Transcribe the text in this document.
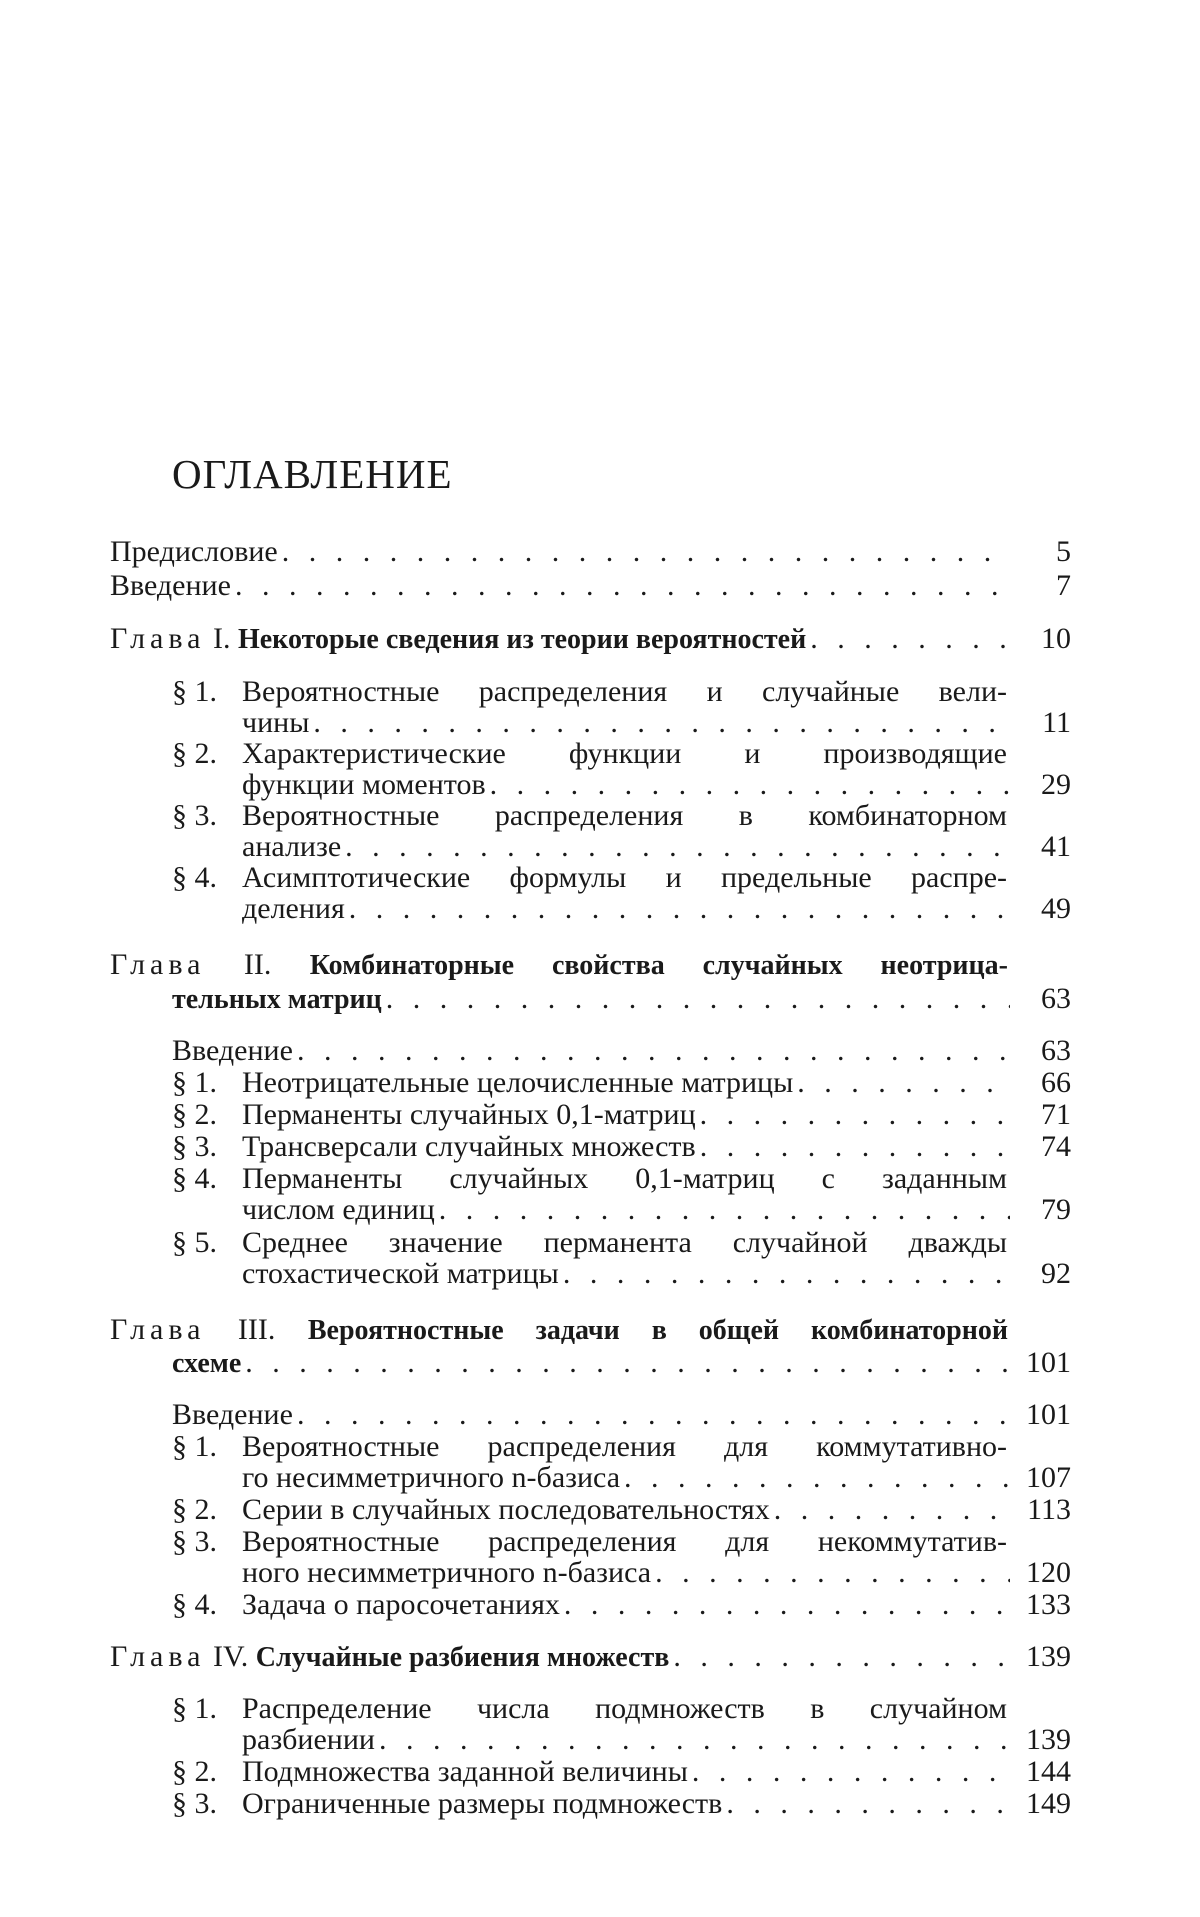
ОГЛАВЛЕНИЕ
Предисловие . . .	5
Введение . . .	7
Глава I. Некоторые сведения из теории вероятностей . . .	10
§ 1. Вероятностные распределения и случайные вели-
чины . . .	11
§ 2. Характеристические функции и производящие
функции моментов . . .	29
§ 3. Вероятностные распределения в комбинаторном
анализе . . .	41
§ 4. Асимптотические формулы и предельные распре-
деления . . .	49
Глава II. Комбинаторные свойства случайных неотрица-
тельных матриц . . .	63
Введение . . .	63
§ 1. Неотрицательные целочисленные матрицы . . .	66
§ 2. Перманенты случайных 0,1-матриц . . .	71
§ 3. Трансверсали случайных множеств . . .	74
§ 4. Перманенты случайных 0,1-матриц с заданным
числом единиц . . .	79
§ 5. Среднее значение перманента случайной дважды
стохастической матрицы . . .	92
Глава III. Вероятностные задачи в общей комбинаторной
схеме . . .	101
Введение . . .	101
§ 1. Вероятностные распределения для коммутативно-
го несимметричного n-базиса . . .	107
§ 2. Серии в случайных последовательностях . . .	113
§ 3. Вероятностные распределения для некоммутатив-
ного несимметричного n-базиса . . .	120
§ 4. Задача о паросочетаниях . . .	133
Глава IV. Случайные разбиения множеств . . .	139
§ 1. Распределение числа подмножеств в случайном
разбиении . . .	139
§ 2. Подмножества заданной величины . . .	144
§ 3. Ограниченные размеры подмножеств . . .	149
